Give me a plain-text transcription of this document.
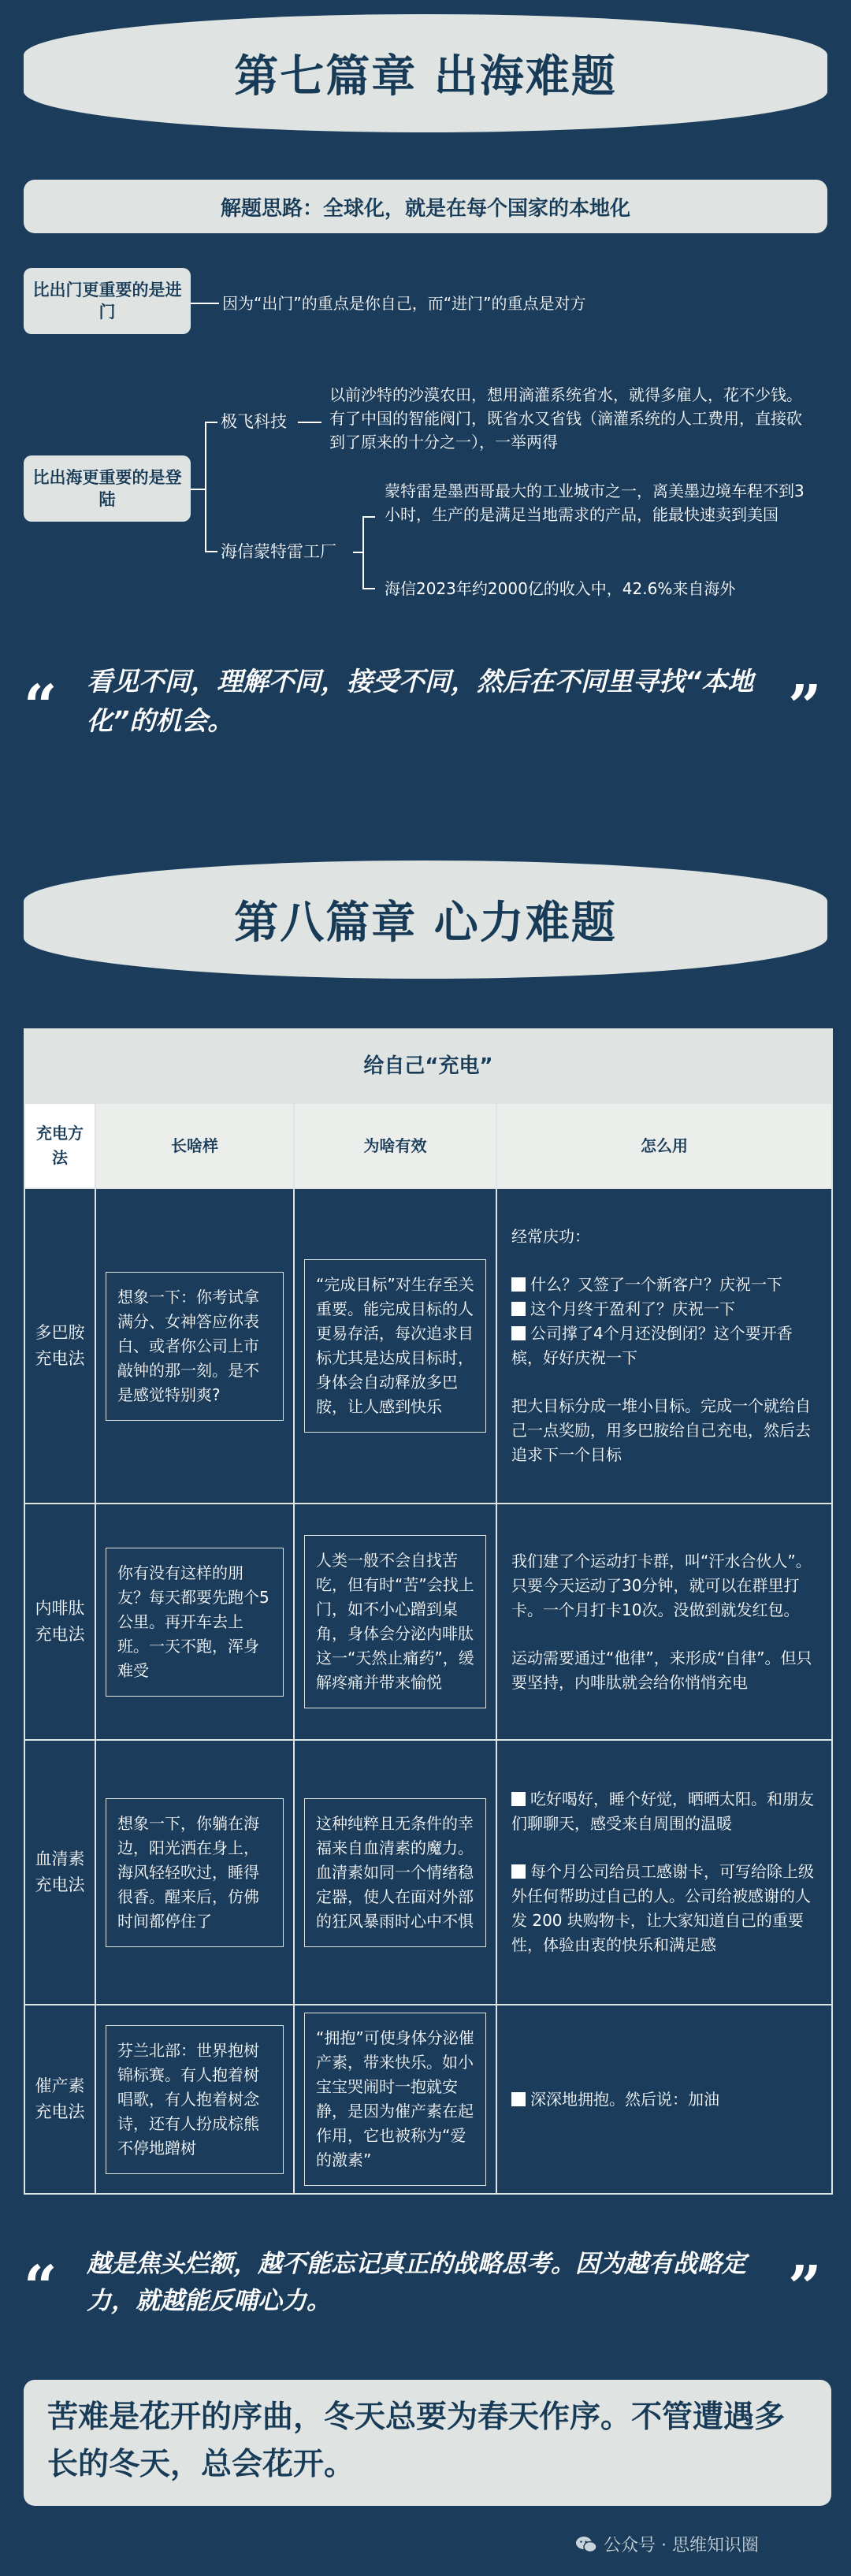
第七篇章 出海难题
解题思路：全球化，就是在每个国家的本地化
比出门更重要的是进门	因为“出门”的重点是你自己，而“进门”的重点是对方
比出海更重要的是登陆
极飞科技
以前沙特的沙漠农田，想用滴灌系统省水，就得多雇人，花不少钱。有了中国的智能阀门，既省水又省钱（滴灌系统的人工费用，直接砍到了原来的十分之一），一举两得
海信蒙特雷工厂
蒙特雷是墨西哥最大的工业城市之一，离美墨边境车程不到3小时，生产的是满足当地需求的产品，能最快速卖到美国
海信2023年约2000亿的收入中，42.6%来自海外
“ 看见不同，理解不同，接受不同，然后在不同里寻找“本地化”的机会。	”
第八篇章 心力难题
给自己“充电”			
充电方法	长啥样	为啥有效	怎么用
多巴胺充电法	想象一下：你考试拿满分、女神答应你表白、或者你公司上市敲钟的那一刻。是不是感觉特别爽?	“完成目标”对生存至关重要。能完成目标的人更易存活，每次追求目标尤其是达成目标时，身体会自动释放多巴胺，让人感到快乐	经常庆功：

什么？又签了一个新客户？庆祝一下

这个月终于盈利了？庆祝一下

公司撑了4个月还没倒闭？这个要开香槟，好好庆祝一下

把大目标分成一堆小目标。完成一个就给自己一点奖励，用多巴胺给自己充电，然后去追求下一个目标

内啡肽充电法	你有没有这样的朋友？每天都要先跑个5公里。再开车去上班。一天不跑，浑身难受	人类一般不会自找苦吃，但有时“苦”会找上门，如不小心蹭到桌角，身体会分泌内啡肽这一“天然止痛药”，缓解疼痛并带来愉悦	我们建了个运动打卡群，叫“汗水合伙人”。只要今天运动了30分钟，就可以在群里打卡。一个月打卡10次。没做到就发红包。

运动需要通过“他律”，来形成“自律”。但只要坚持，内啡肽就会给你悄悄充电

血清素充电法	想象一下，你躺在海边，阳光洒在身上，海风轻轻吹过，睡得很香。醒来后，仿佛时间都停住了	这种纯粹且无条件的幸福来自血清素的魔力。血清素如同一个情绪稳定器，使人在面对外部的狂风暴雨时心中不惧	吃好喝好，睡个好觉，晒晒太阳。和朋友们聊聊天，感受来自周围的温暖

每个月公司给员工感谢卡，可写给除上级外任何帮助过自己的人。公司给被感谢的人发 200 块购物卡，让大家知道自己的重要性，体验由衷的快乐和满足感

催产素充电法	芬兰北部：世界抱树锦标赛。有人抱着树唱歌，有人抱着树念诗，还有人扮成棕熊不停地蹭树	“拥抱”可使身体分泌催产素，带来快乐。如小宝宝哭闹时一抱就安静，是因为催产素在起作用，它也被称为“爱的激素”	深深地拥抱。然后说：加油

“ 越是焦头烂额，越不能忘记真正的战略思考。因为越有战略定力，就越能反哺心力。	”
苦难是花开的序曲，冬天总要为春天作序。不管遭遇多长的冬天，总会花开。
公众号 · 思维知识圈
